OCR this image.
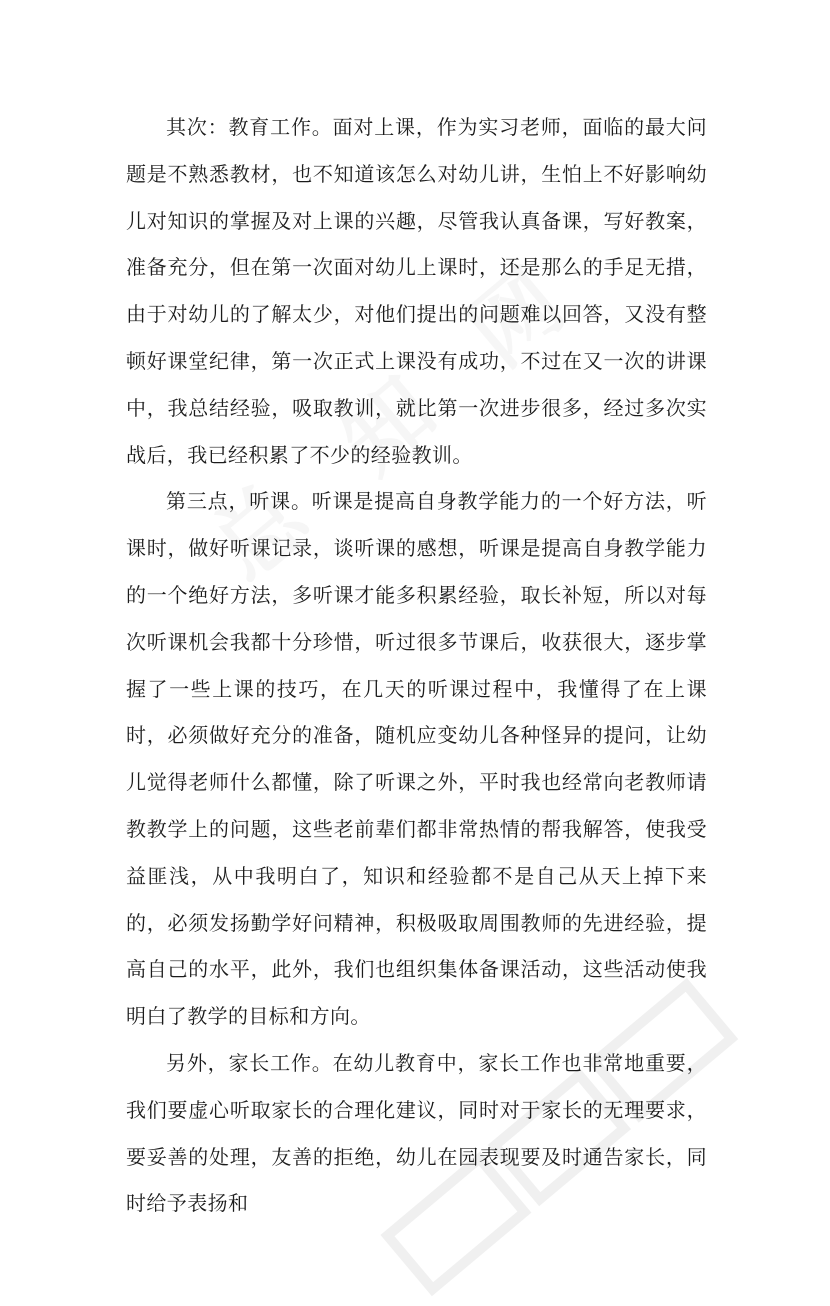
其次：教育工作。面对上课，作为实习老师，面临的最大问题是不熟悉教材，也不知道该怎么对幼儿讲，生怕上不好影响幼儿对知识的掌握及对上课的兴趣，尽管我认真备课，写好教案，准备充分，但在第一次面对幼儿上课时，还是那么的手足无措，由于对幼儿的了解太少，对他们提出的问题难以回答，又没有整顿好课堂纪律，第一次正式上课没有成功，不过在又一次的讲课中，我总结经验，吸取教训，就比第一次进步很多，经过多次实战后，我已经积累了不少的经验教训。

第三点，听课。听课是提高自身教学能力的一个好方法，听课时，做好听课记录，谈听课的感想，听课是提高自身教学能力的一个绝好方法，多听课才能多积累经验，取长补短，所以对每次听课机会我都十分珍惜，听过很多节课后，收获很大，逐步掌握了一些上课的技巧，在几天的听课过程中，我懂得了在上课时，必须做好充分的准备，随机应变幼儿各种怪异的提问，让幼儿觉得老师什么都懂，除了听课之外，平时我也经常向老教师请教教学上的问题，这些老前辈们都非常热情的帮我解答，使我受益匪浅，从中我明白了，知识和经验都不是自己从天上掉下来的，必须发扬勤学好问精神，积极吸取周围教师的先进经验，提高自己的水平，此外，我们也组织集体备课活动，这些活动使我明白了教学的目标和方向。

另外，家长工作。在幼儿教育中，家长工作也非常地重要，我们要虚心听取家长的合理化建议，同时对于家长的无理要求，要妥善的处理，友善的拒绝，幼儿在园表现要及时通告家长，同时给予表扬和
